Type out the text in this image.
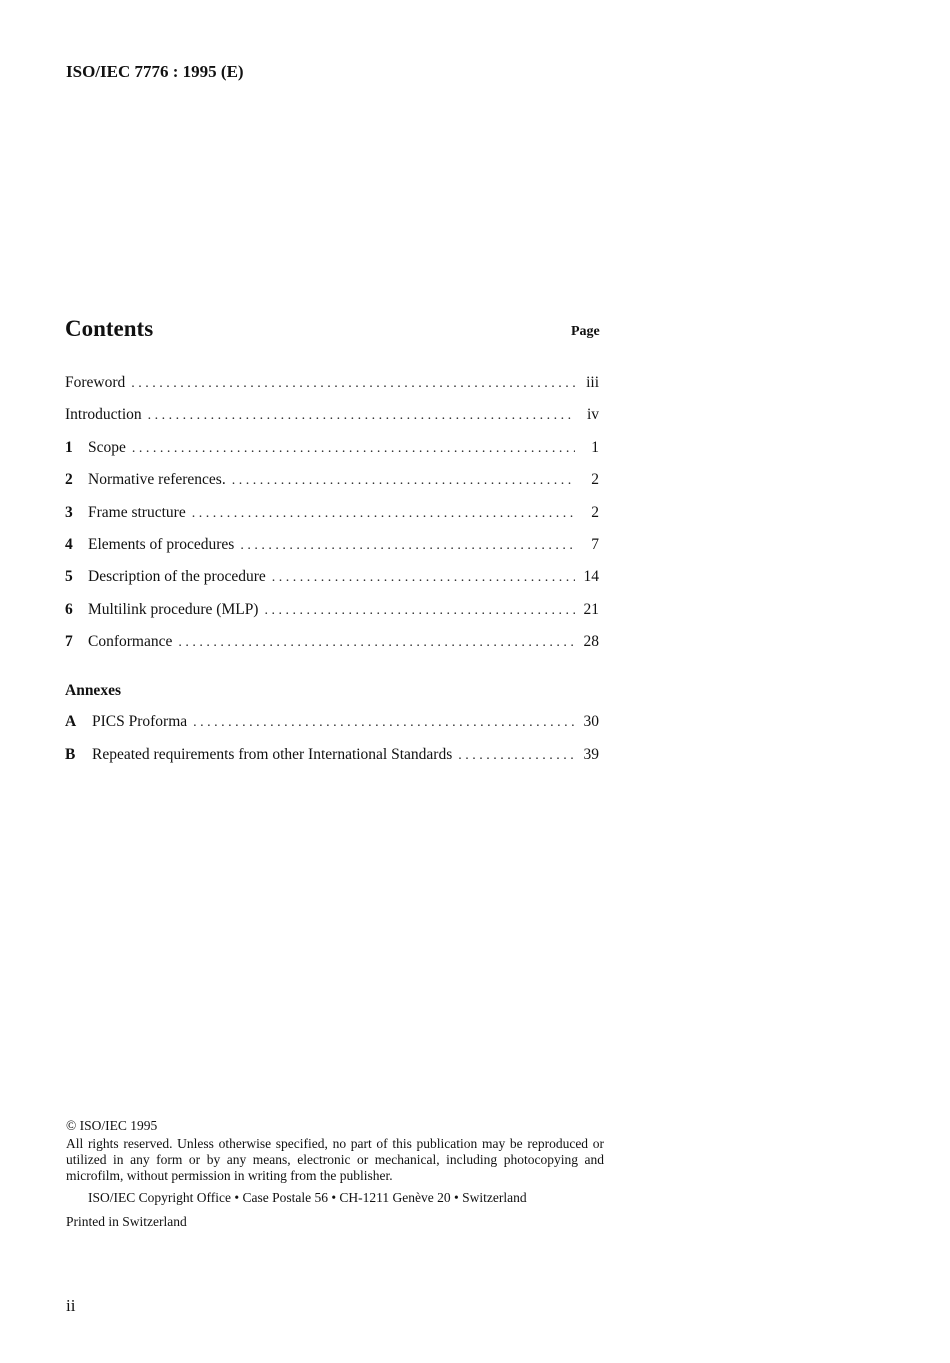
ISO/IEC 7776 : 1995 (E)
Contents	Page
Foreword . . .	iii
Introduction . . .	iv
1 Scope . . .	1
2 Normative references. . . .	2
3 Frame structure . . .	2
4 Elements of procedures . . .	7
5 Description of the procedure . . .	14
6 Multilink procedure (MLP) . . .	21
7 Conformance . . .	28
Annexes
A	PICS Proforma . . .	30
B	Repeated requirements from other International Standards . . .	39
© ISO/IEC 1995
All rights reserved. Unless otherwise specified, no part of this publication may be reproduced or utilized in any form or by any means, electronic or mechanical, including photocopying and microfilm, without permission in writing from the publisher.
ISO/IEC Copyright Office • Case Postale 56 • CH-1211 Genève 20 • Switzerland
Printed in Switzerland
ii
